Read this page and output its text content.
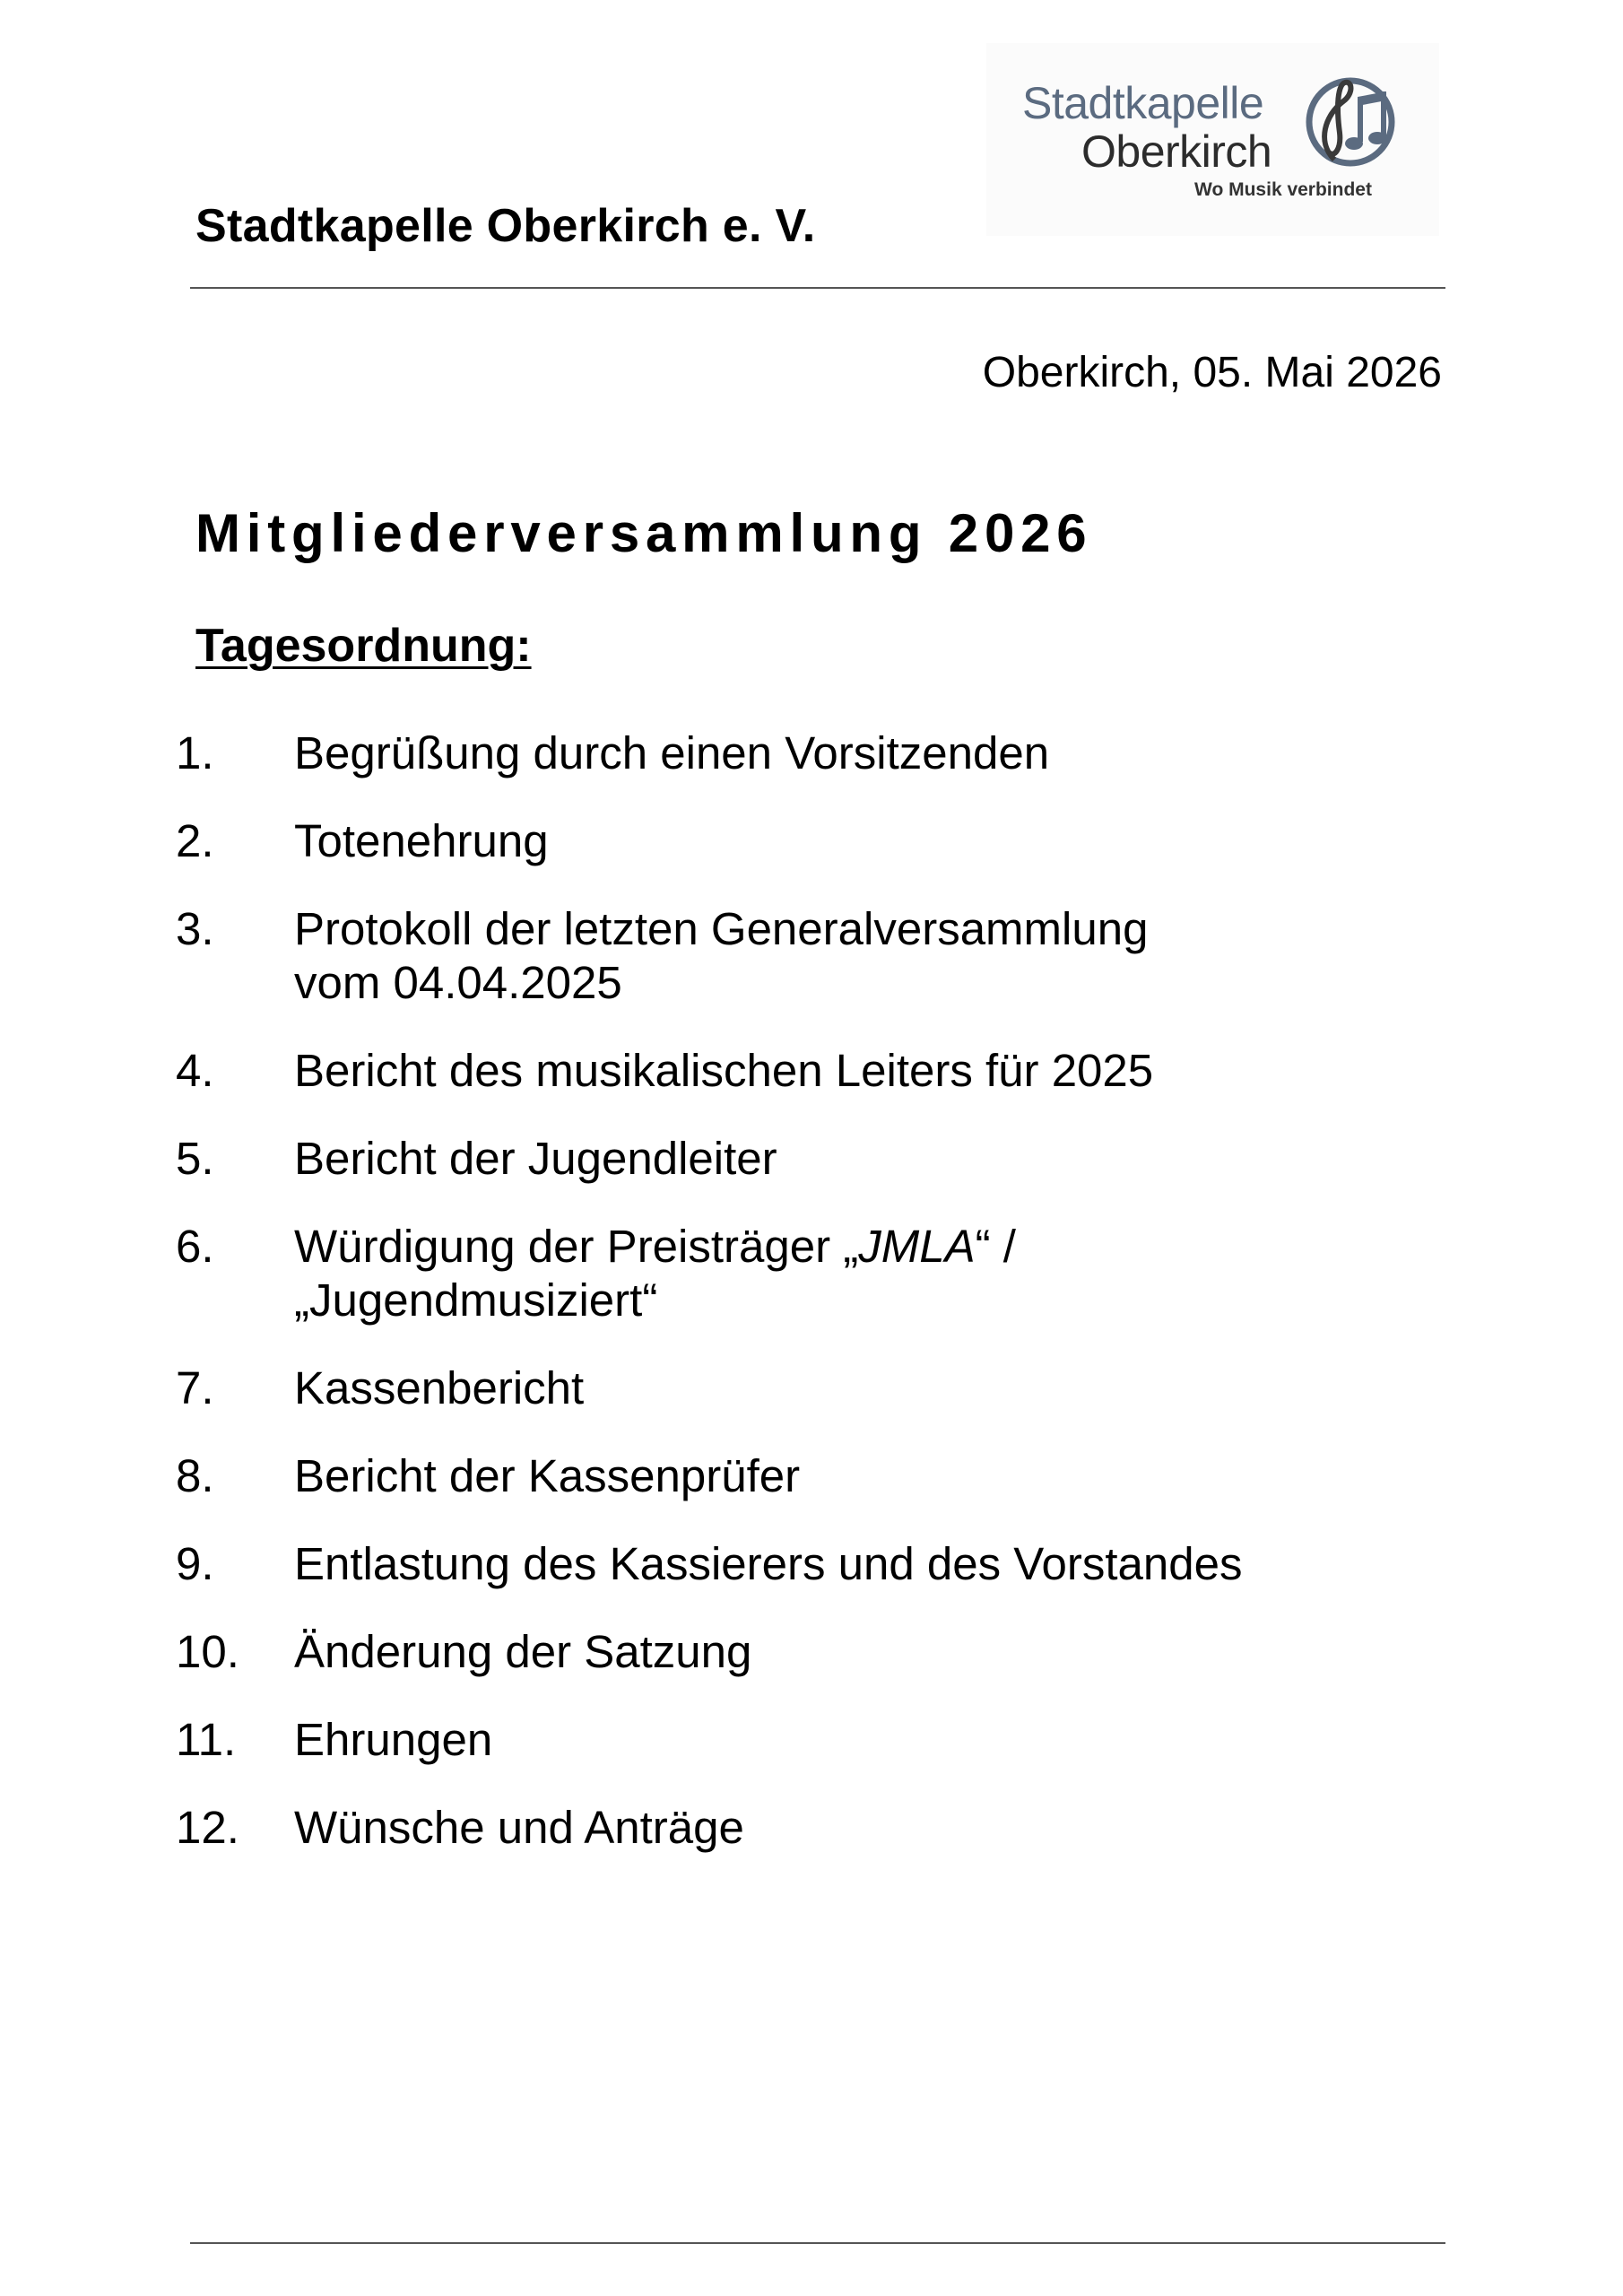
Stadtkapelle
Oberkirch
Wo Musik verbindet
Stadtkapelle Oberkirch e. V.
Oberkirch, 05. Mai 2026
Mitgliederversammlung 2026
Tagesordnung:
1. Begrüßung durch einen Vorsitzenden
2. Totenehrung
3. Protokoll der letzten Generalversammlung
vom 04.04.2025
4. Bericht des musikalischen Leiters für 2025
5. Bericht der Jugendleiter
6. Würdigung der Preisträger „JMLA“ /
„Jugendmusiziert“
7. Kassenbericht
8. Bericht der Kassenprüfer
9. Entlastung des Kassierers und des Vorstandes
10. Änderung der Satzung
11. Ehrungen
12. Wünsche und Anträge
